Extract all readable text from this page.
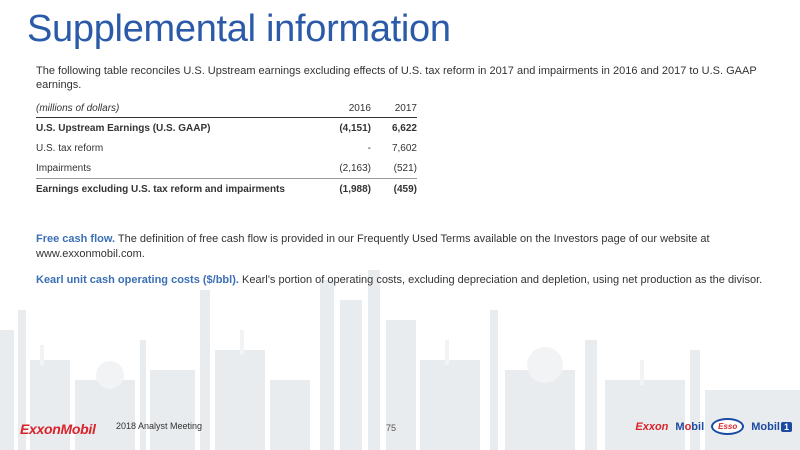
Supplemental information
The following table reconciles U.S. Upstream earnings excluding effects of U.S. tax reform in 2017 and impairments in 2016 and 2017 to U.S. GAAP earnings.
(millions of dollars)	2016	2017
U.S. Upstream Earnings (U.S. GAAP)	(4,151)	6,622
U.S. tax reform	-	7,602
Impairments	(2,163)	(521)
Earnings excluding U.S. tax reform and impairments	(1,988)	(459)
Free cash flow. The definition of free cash flow is provided in our Frequently Used Terms available on the Investors page of our website at www.exxonmobil.com.
Kearl unit cash operating costs ($/bbl). Kearl’s portion of operating costs, excluding depreciation and depletion, using net production as the divisor.
ExxonMobil 2018 Analyst Meeting	75	Exxon Mobil	Esso	Mobil 1
